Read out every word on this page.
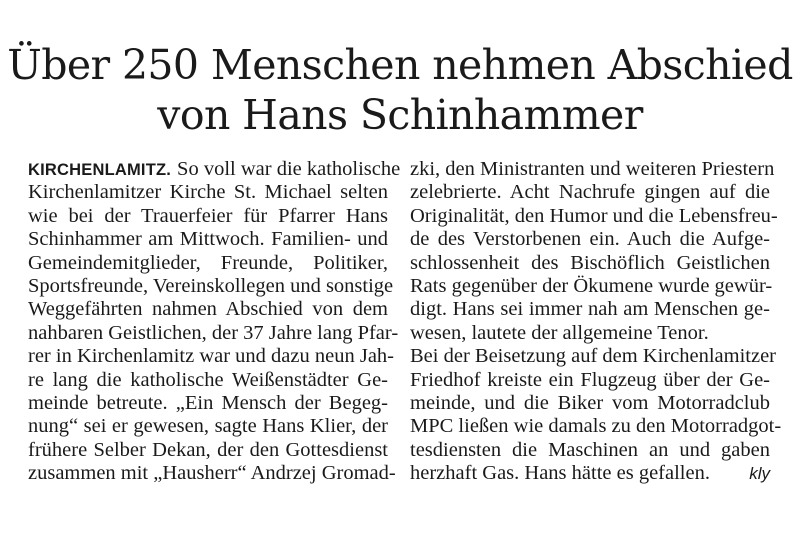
Über 250 Menschen nehmen Abschied
von Hans Schinhammer
KIRCHENLAMITZ. So voll war die katholische
Kirchenlamitzer Kirche St. Michael selten
wie bei der Trauerfeier für Pfarrer Hans
Schinhammer am Mittwoch. Familien- und
Gemeindemitglieder, Freunde, Politiker,
Sportsfreunde, Vereinskollegen und sonstige
Weggefährten nahmen Abschied von dem
nahbaren Geistlichen, der 37 Jahre lang Pfar-
rer in Kirchenlamitz war und dazu neun Jah-
re lang die katholische Weißenstädter Ge-
meinde betreute. „Ein Mensch der Begeg-
nung“ sei er gewesen, sagte Hans Klier, der
frühere Selber Dekan, der den Gottesdienst
zusammen mit „Hausherr“ Andrzej Gromad-
zki, den Ministranten und weiteren Priestern
zelebrierte. Acht Nachrufe gingen auf die
Originalität, den Humor und die Lebensfreu-
de des Verstorbenen ein. Auch die Aufge-
schlossenheit des Bischöflich Geistlichen
Rats gegenüber der Ökumene wurde gewür-
digt. Hans sei immer nah am Menschen ge-
wesen, lautete der allgemeine Tenor.
Bei der Beisetzung auf dem Kirchenlamitzer
Friedhof kreiste ein Flugzeug über der Ge-
meinde, und die Biker vom Motorradclub
MPC ließen wie damals zu den Motorradgot-
tesdiensten die Maschinen an und gaben
herzhaft Gas. Hans hätte es gefallen. kly
